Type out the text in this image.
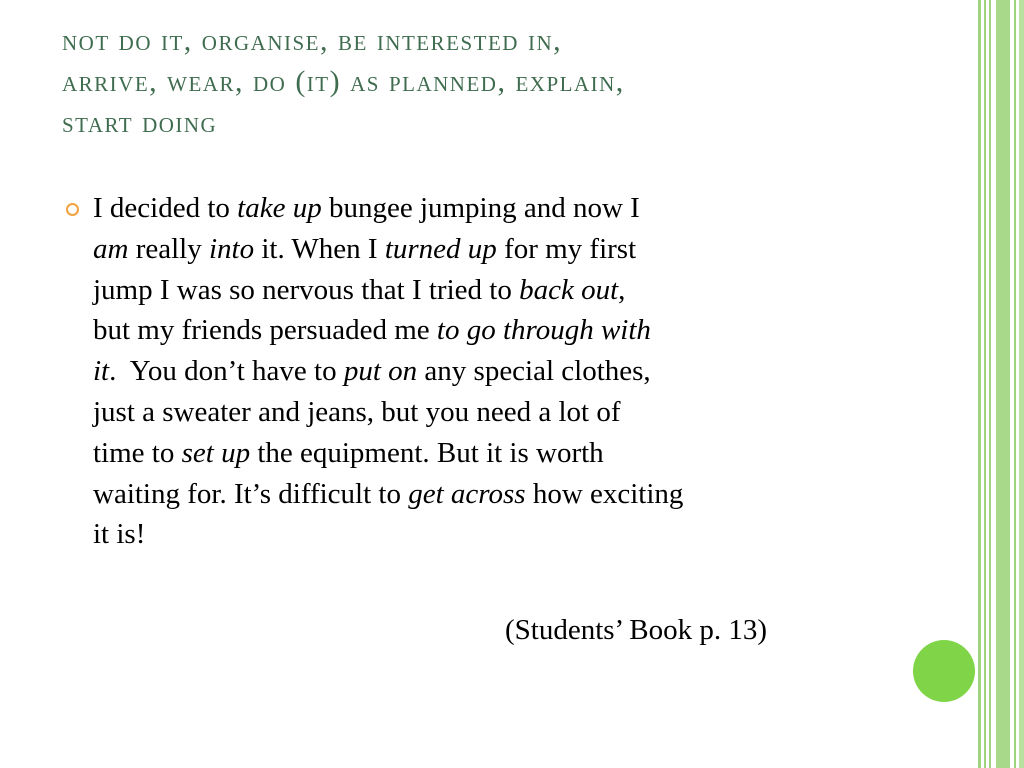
not do it, organise, be interested in,
arrive, wear, do (it) as planned, explain,
start doing
I decided to take up bungee jumping and now I
am really into it. When I turned up for my first
jump I was so nervous that I tried to back out,
but my friends persuaded me to go through with
it.  You don’t have to put on any special clothes,
just a sweater and jeans, but you need a lot of
time to set up the equipment. But it is worth
waiting for. It’s difficult to get across how exciting
it is!
(Students’ Book p. 13)
